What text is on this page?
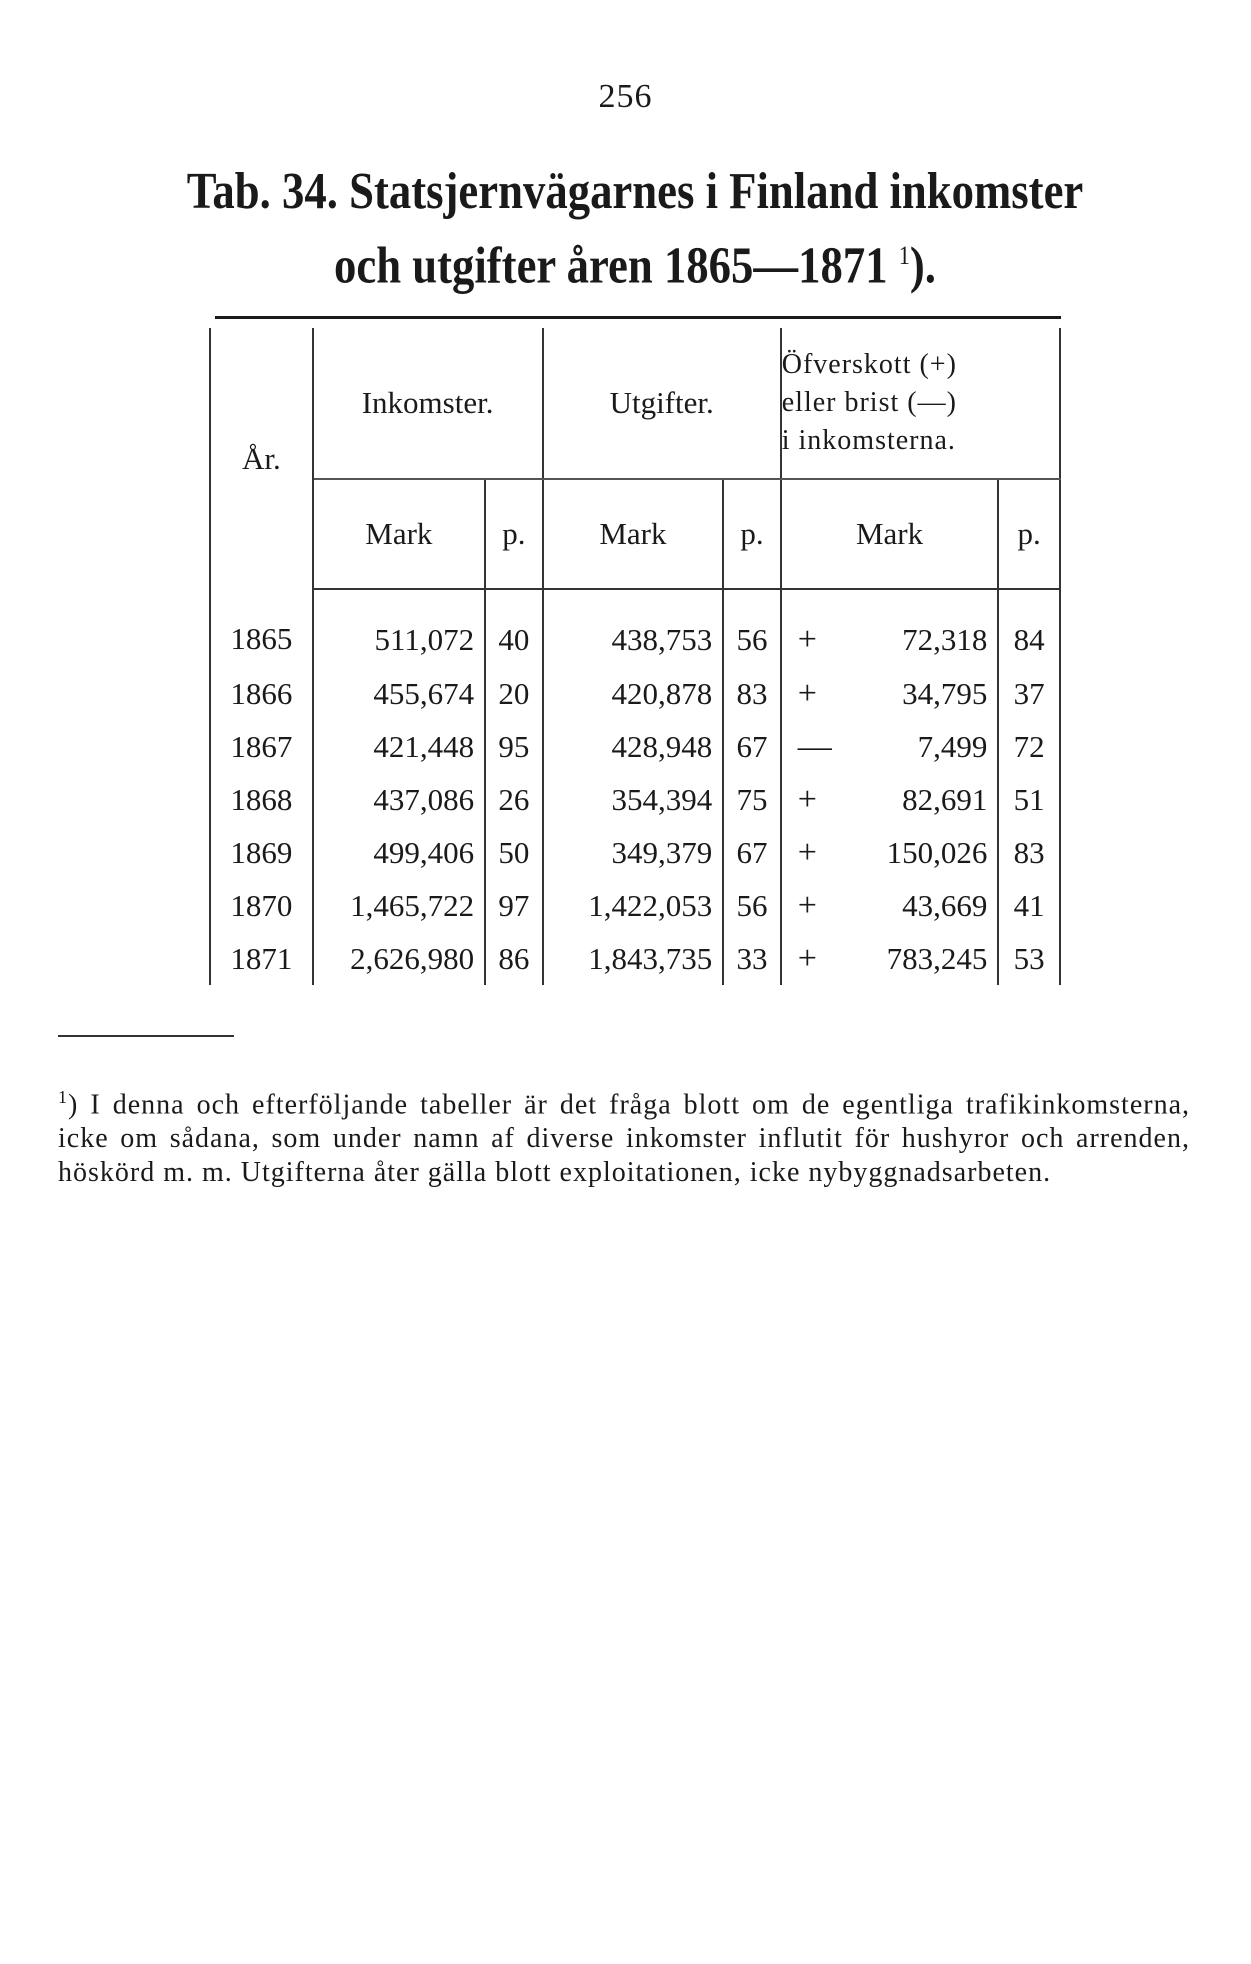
256
Tab. 34. Statsjernvägarnes i Finland inkomster
och utgifter åren 1865—1871 $^1$).
År.	Inkomster.		Utgifter.		Öfverskott (+)
eller brist (—)
i inkomsterna.	

	Mark	p.	Mark	p.	Mark	p.
1865	511,072	40	438,753	56	+ 72,318	84
1866	455,674	20	420,878	83	+ 34,795	37
1867	421,448	95	428,948	67	— 7,499	72
1868	437,086	26	354,394	75	+ 82,691	51
1869	499,406	50	349,379	67	+ 150,026	83
1870	1,465,722	97	1,422,053	56	+ 43,669	41
1871	2,626,980	86	1,843,735	33	+ 783,245	53
$^1$) I denna och efterföljande tabeller är det fråga blott om de egentliga trafikinkomsterna, icke om sådana, som under namn af diverse inkomster influtit för hushyror och arrenden, höskörd m. m. Utgifterna åter gälla blott exploitationen, icke nybyggnadsarbeten.
